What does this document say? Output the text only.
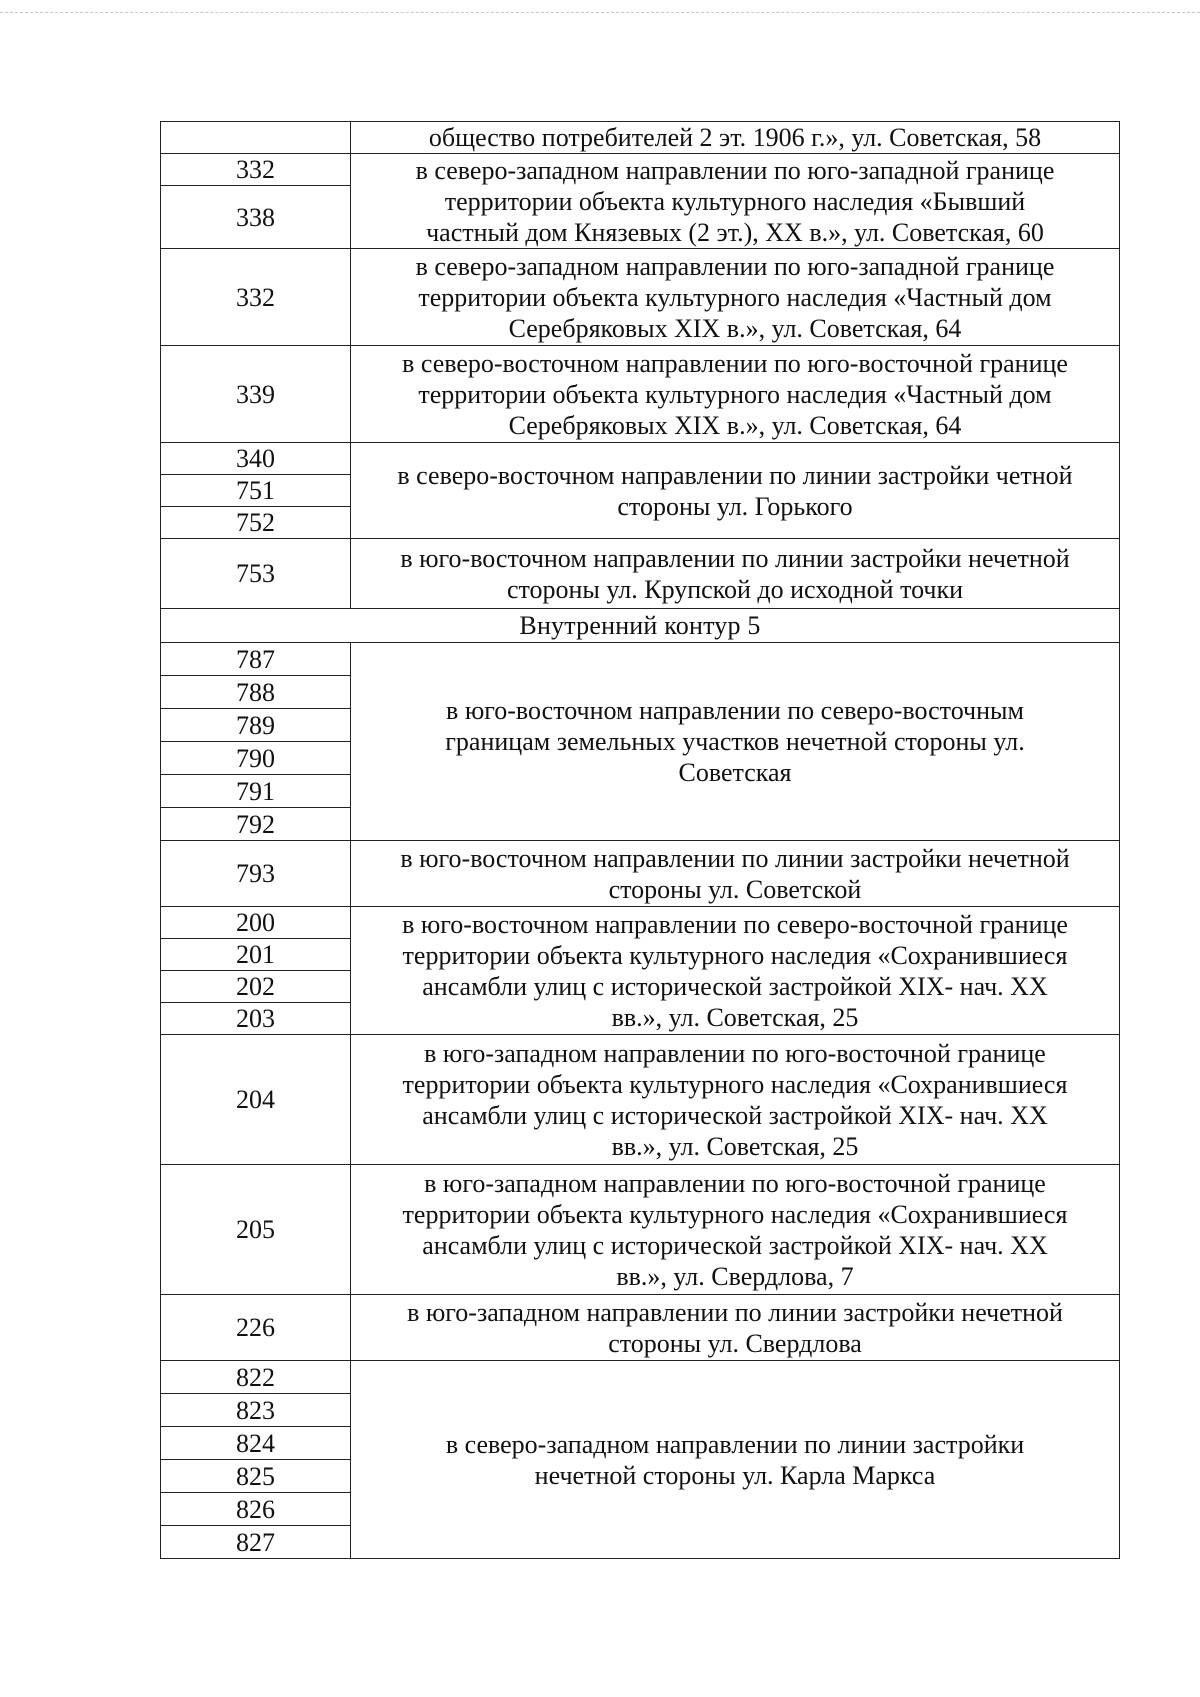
	общество потребителей 2 эт. 1906 г.», ул. Советская, 58
332	в северо-западном направлении по юго-западной границе
территории объекта культурного наследия «Бывший
частный дом Князевых (2 эт.), XX в.», ул. Советская, 60
338	
332	в северо-западном направлении по юго-западной границе
территории объекта культурного наследия «Частный дом
Серебряковых XIX в.», ул. Советская, 64
339	в северо-восточном направлении по юго-восточной границе
территории объекта культурного наследия «Частный дом
Серебряковых XIX в.», ул. Советская, 64
340	в северо-восточном направлении по линии застройки четной
стороны ул. Горького
751	
752	
753	в юго-восточном направлении по линии застройки нечетной
стороны ул. Крупской до исходной точки
Внутренний контур 5	
787	в юго-восточном направлении по северо-восточным
границам земельных участков нечетной стороны ул.
Советская
788	
789	
790	
791	
792	
793	в юго-восточном направлении по линии застройки нечетной
стороны ул. Советской
200	в юго-восточном направлении по северо-восточной границе
территории объекта культурного наследия «Сохранившиеся
ансамбли улиц с исторической застройкой XIX- нач. XX
вв.», ул. Советская, 25
201	
202	
203	
204	в юго-западном направлении по юго-восточной границе
территории объекта культурного наследия «Сохранившиеся
ансамбли улиц с исторической застройкой XIX- нач. XX
вв.», ул. Советская, 25
205	в юго-западном направлении по юго-восточной границе
территории объекта культурного наследия «Сохранившиеся
ансамбли улиц с исторической застройкой XIX- нач. XX
вв.», ул. Свердлова, 7
226	в юго-западном направлении по линии застройки нечетной
стороны ул. Свердлова
822	в северо-западном направлении по линии застройки
нечетной стороны ул. Карла Маркса
823	
824	
825	
826	
827	
